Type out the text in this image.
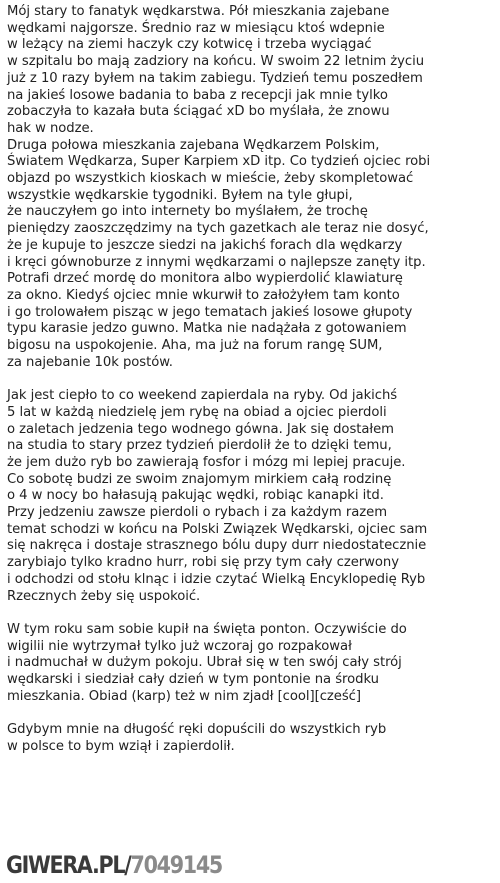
Mój stary to fanatyk wędkarstwa. Pół mieszkania zajebane
wędkami najgorsze. Średnio raz w miesiącu ktoś wdepnie
w leżący na ziemi haczyk czy kotwicę i trzeba wyciągać
w szpitalu bo mają zadziory na końcu. W swoim 22 letnim życiu
już z 10 razy byłem na takim zabiegu. Tydzień temu poszedłem
na jakieś losowe badania to baba z recepcji jak mnie tylko
zobaczyła to kazała buta ściągać xD bo myślała, że znowu
hak w nodze.
Druga połowa mieszkania zajebana Wędkarzem Polskim,
Światem Wędkarza, Super Karpiem xD itp. Co tydzień ojciec robi
objazd po wszystkich kioskach w mieście, żeby skompletować
wszystkie wędkarskie tygodniki. Byłem na tyle głupi,
że nauczyłem go into internety bo myślałem, że trochę
pieniędzy zaoszczędzimy na tych gazetkach ale teraz nie dosyć,
że je kupuje to jeszcze siedzi na jakichś forach dla wędkarzy
i kręci gównoburze z innymi wędkarzami o najlepsze zanęty itp.
Potrafi drzeć mordę do monitora albo wypierdolić klawiaturę
za okno. Kiedyś ojciec mnie wkurwił to założyłem tam konto
i go trolowałem pisząc w jego tematach jakieś losowe głupoty
typu karasie jedzo guwno. Matka nie nadążała z gotowaniem
bigosu na uspokojenie. Aha, ma już na forum rangę SUM,
za najebanie 10k postów.
Jak jest ciepło to co weekend zapierdala na ryby. Od jakichś
5 lat w każdą niedzielę jem rybę na obiad a ojciec pierdoli
o zaletach jedzenia tego wodnego gówna. Jak się dostałem
na studia to stary przez tydzień pierdolił że to dzięki temu,
że jem dużo ryb bo zawierają fosfor i mózg mi lepiej pracuje.
Co sobotę budzi ze swoim znajomym mirkiem całą rodzinę
o 4 w nocy bo hałasują pakując wędki, robiąc kanapki itd.
Przy jedzeniu zawsze pierdoli o rybach i za każdym razem
temat schodzi w końcu na Polski Związek Wędkarski, ojciec sam
się nakręca i dostaje strasznego bólu dupy durr niedostatecznie
zarybiajo tylko kradno hurr, robi się przy tym cały czerwony
i odchodzi od stołu klnąc i idzie czytać Wielką Encyklopedię Ryb
Rzecznych żeby się uspokoić.
W tym roku sam sobie kupił na święta ponton. Oczywiście do
wigilii nie wytrzymał tylko już wczoraj go rozpakował
i nadmuchał w dużym pokoju. Ubrał się w ten swój cały strój
wędkarski i siedział cały dzień w tym pontonie na środku
mieszkania. Obiad (karp) też w nim zjadł [cool][cześć]
Gdybym mnie na długość ręki dopuścili do wszystkich ryb
w polsce to bym wziął i zapierdolił.
GIWERA.PL/7049145
